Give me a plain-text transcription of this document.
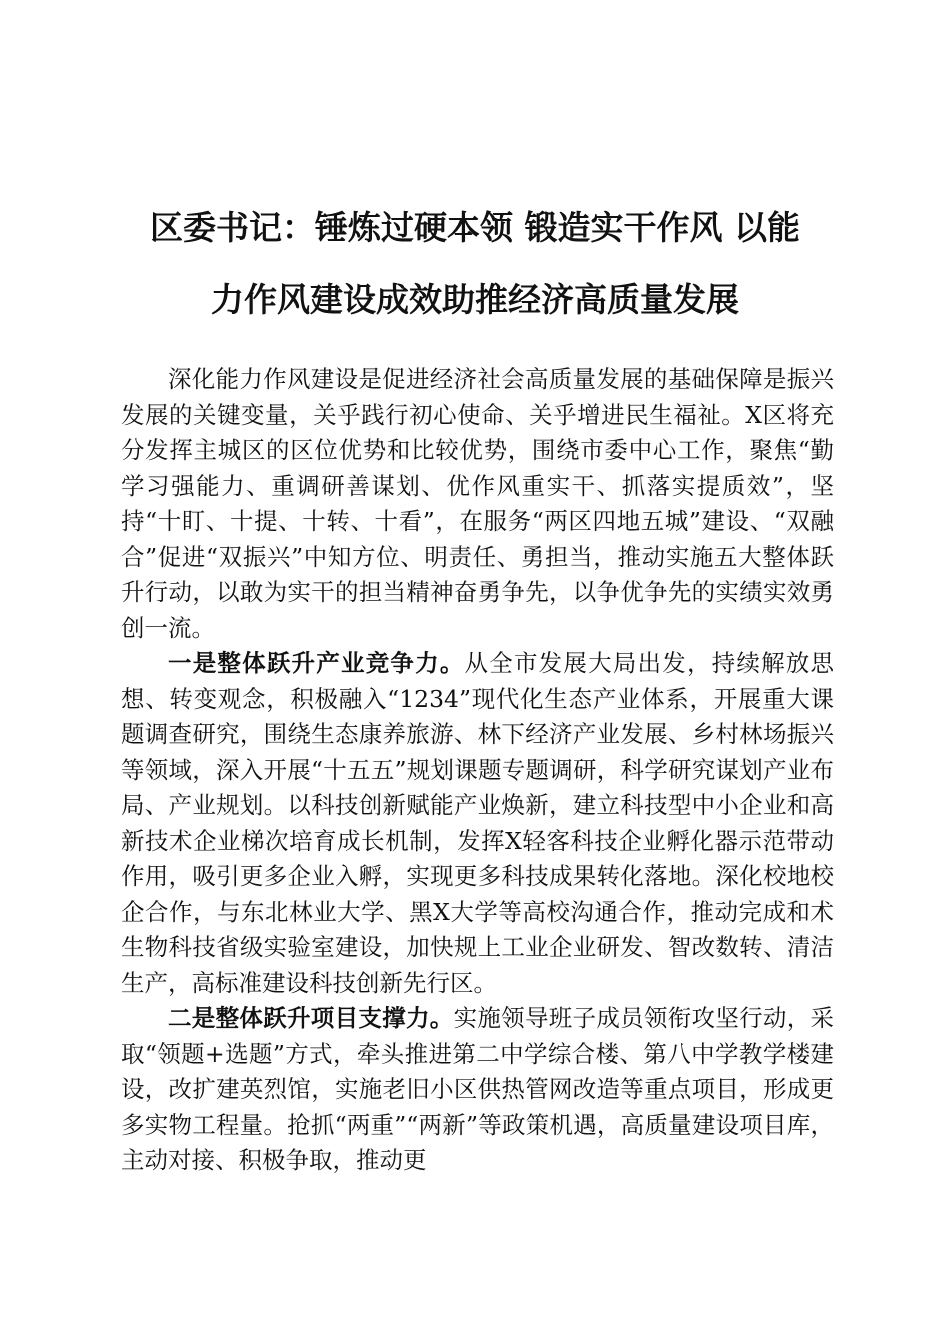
区委书记：锤炼过硬本领 锻造实干作风 以能
力作风建设成效助推经济高质量发展

深化能力作风建设是促进经济社会高质量发展的基础保障是振兴发展的关键变量，关乎践行初心使命、关乎增进民生福祉。X区将充分发挥主城区的区位优势和比较优势，围绕市委中心工作，聚焦“勤学习强能力、重调研善谋划、优作风重实干、抓落实提质效”，坚持“十盯、十提、十转、十看”，在服务“两区四地五城”建设、“双融合”促进“双振兴”中知方位、明责任、勇担当，推动实施五大整体跃升行动，以敢为实干的担当精神奋勇争先，以争优争先的实绩实效勇创一流。

一是整体跃升产业竞争力。从全市发展大局出发，持续解放思想、转变观念，积极融入“1234”现代化生态产业体系，开展重大课题调查研究，围绕生态康养旅游、林下经济产业发展、乡村林场振兴等领域，深入开展“十五五”规划课题专题调研，科学研究谋划产业布局、产业规划。以科技创新赋能产业焕新，建立科技型中小企业和高新技术企业梯次培育成长机制，发挥X轻客科技企业孵化器示范带动作用，吸引更多企业入孵，实现更多科技成果转化落地。深化校地校企合作，与东北林业大学、黑X大学等高校沟通合作，推动完成和术生物科技省级实验室建设，加快规上工业企业研发、智改数转、清洁生产，高标准建设科技创新先行区。

二是整体跃升项目支撑力。实施领导班子成员领衔攻坚行动，采取“领题+选题”方式，牵头推进第二中学综合楼、第八中学教学楼建设，改扩建英烈馆，实施老旧小区供热管网改造等重点项目，形成更多实物工程量。抢抓“两重”“两新”等政策机遇，高质量建设项目库，主动对接、积极争取，推动更
